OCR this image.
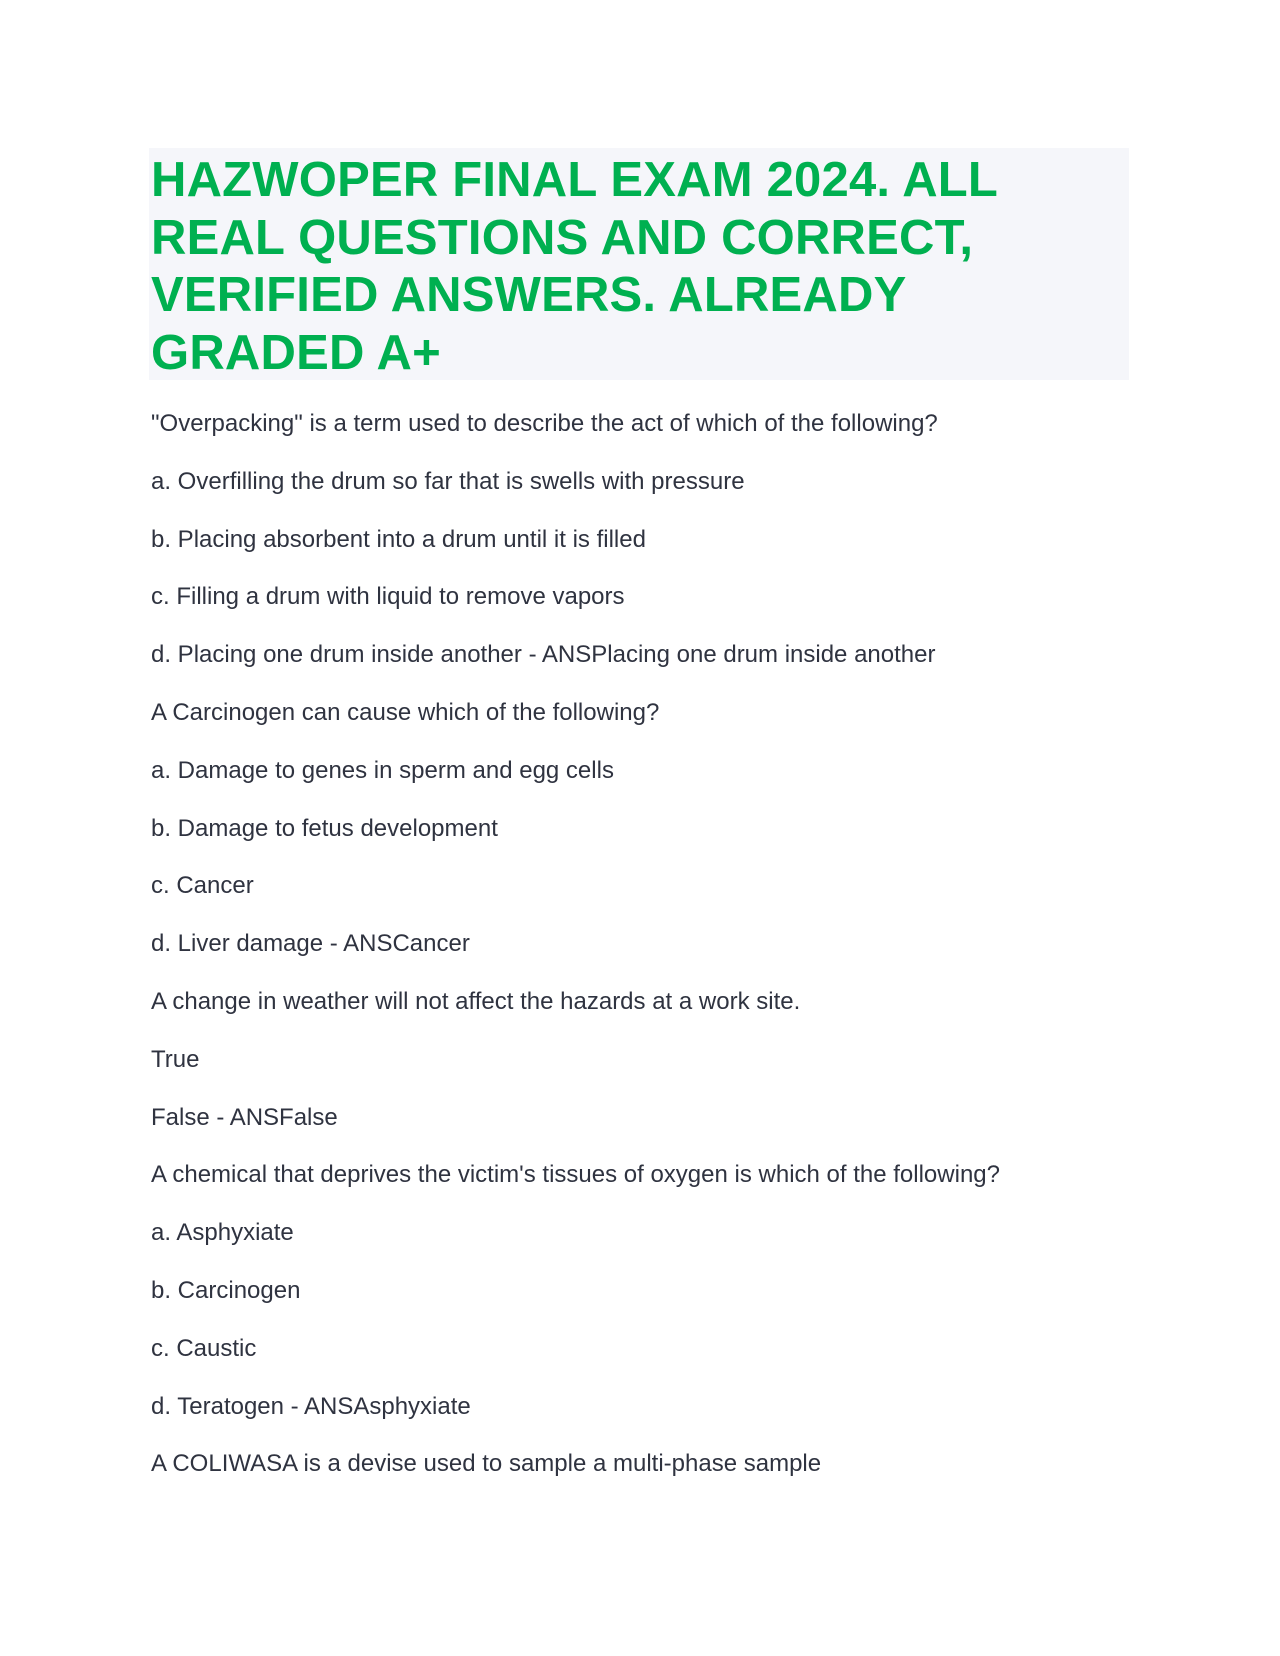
HAZWOPER FINAL EXAM 2024. ALL REAL QUESTIONS AND CORRECT, VERIFIED ANSWERS. ALREADY GRADED A+

"Overpacking" is a term used to describe the act of which of the following?

a. Overfilling the drum so far that is swells with pressure

b. Placing absorbent into a drum until it is filled

c. Filling a drum with liquid to remove vapors

d. Placing one drum inside another - ANSPlacing one drum inside another

A Carcinogen can cause which of the following?

a. Damage to genes in sperm and egg cells

b. Damage to fetus development

c. Cancer

d. Liver damage - ANSCancer

A change in weather will not affect the hazards at a work site.

True

False - ANSFalse

A chemical that deprives the victim's tissues of oxygen is which of the following?

a. Asphyxiate

b. Carcinogen

c. Caustic

d. Teratogen - ANSAsphyxiate

A COLIWASA is a devise used to sample a multi-phase sample
